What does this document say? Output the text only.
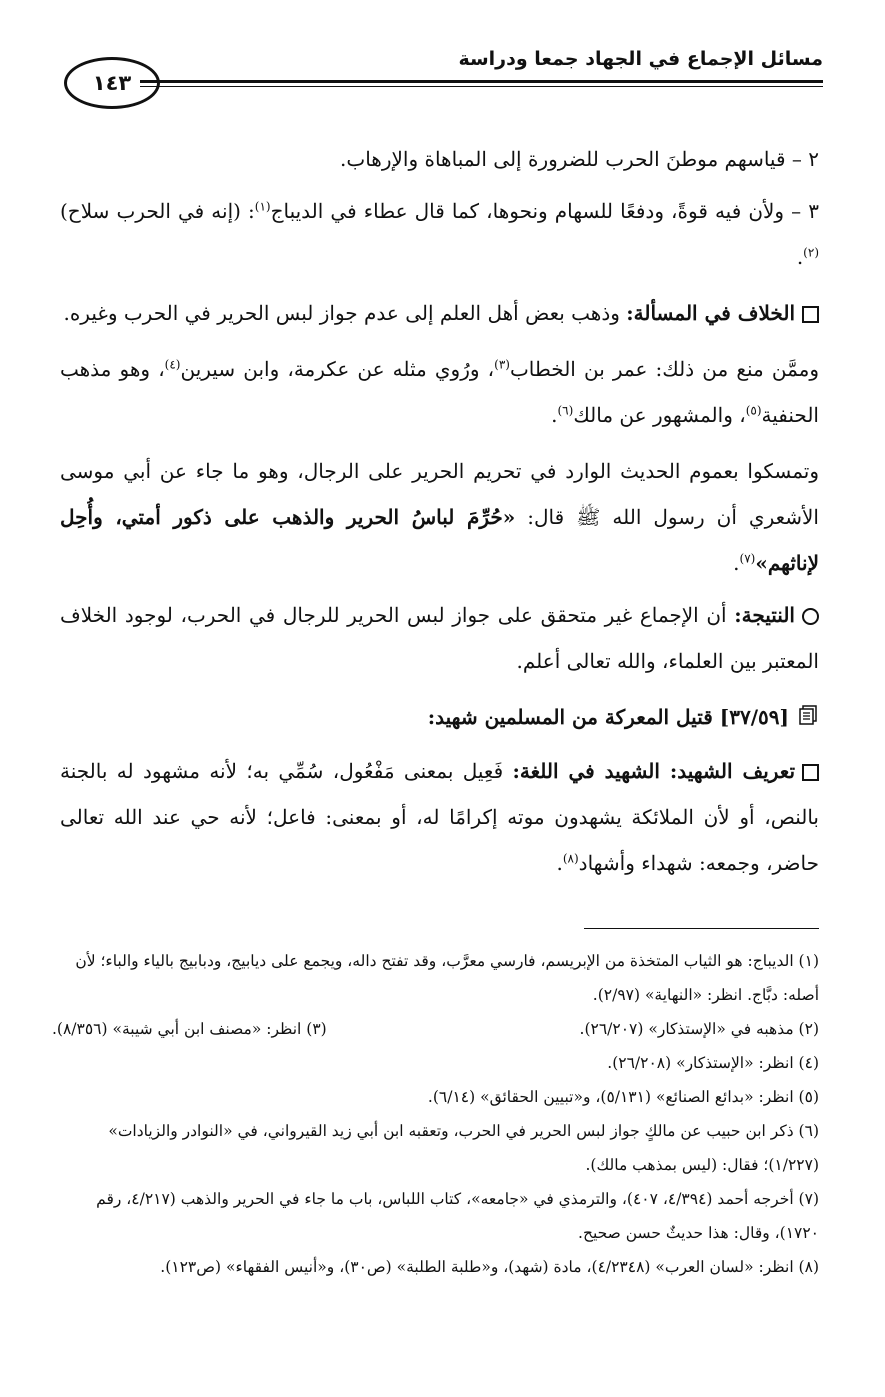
مسائل الإجماع في الجهاد جمعا ودراسة
١٤٣

٢ – قياسهم موطنَ الحرب للضرورة إلى المباهاة والإرهاب.

٣ – ولأن فيه قوةً، ودفعًا للسهام ونحوها، كما قال عطاء في الديباج$^{(١)}$: (إنه في الحرب سلاح)$^{(٢)}$.

الخلاف في المسألة: وذهب بعض أهل العلم إلى عدم جواز لبس الحرير في الحرب وغيره.

وممَّن منع من ذلك: عمر بن الخطاب$^{(٣)}$، ورُوي مثله عن عكرمة، وابن سيرين$^{(٤)}$، وهو مذهب الحنفية$^{(٥)}$، والمشهور عن مالك$^{(٦)}$.

وتمسكوا بعموم الحديث الوارد في تحريم الحرير على الرجال، وهو ما جاء عن أبي موسى الأشعري أن رسول الله ﷺ قال: «حُرِّمَ لباسُ الحرير والذهب على ذكور أمتي، وأُحِل لإناثهم»$^{(٧)}$.

النتيجة: أن الإجماع غير متحقق على جواز لبس الحرير للرجال في الحرب، لوجود الخلاف المعتبر بين العلماء، والله تعالى أعلم.

[٣٧/٥٩] قتيل المعركة من المسلمين شهيد:

تعريف الشهيد: الشهيد في اللغة: فَعِيل بمعنى مَفْعُول، سُمِّي به؛ لأنه مشهود له بالجنة بالنص، أو لأن الملائكة يشهدون موته إكرامًا له، أو بمعنى: فاعل؛ لأنه حي عند الله تعالى حاضر، وجمعه: شهداء وأشهاد$^{(٨)}$.

(١) الديباج: هو الثياب المتخذة من الإبريسم، فارسي معرَّب، وقد تفتح داله، ويجمع على ديابيج، ودبابيج بالياء والباء؛ لأن أصله: دبَّاج. انظر: «النهاية» (٢/٩٧).

(٢) مذهبه في «الإستذكار» (٢٦/٢٠٧).
(٣) انظر: «مصنف ابن أبي شيبة» (٨/٣٥٦).

(٤) انظر: «الإستذكار» (٢٦/٢٠٨).

(٥) انظر: «بدائع الصنائع» (٥/١٣١)، و«تبيين الحقائق» (٦/١٤).

(٦) ذكر ابن حبيب عن مالكٍ جواز لبس الحرير في الحرب، وتعقبه ابن أبي زيد القيرواني، في «النوادر والزيادات» (١/٢٢٧)؛ فقال: (ليس بمذهب مالك).

(٧) أخرجه أحمد (٤/٣٩٤، ٤٠٧)، والترمذي في «جامعه»، كتاب اللباس، باب ما جاء في الحرير والذهب (٤/٢١٧، رقم ١٧٢٠)، وقال: هذا حديثٌ حسن صحيح.

(٨) انظر: «لسان العرب» (٤/٢٣٤٨)، مادة (شهد)، و«طلبة الطلبة» (ص٣٠)، و«أنيس الفقهاء» (ص١٢٣).
